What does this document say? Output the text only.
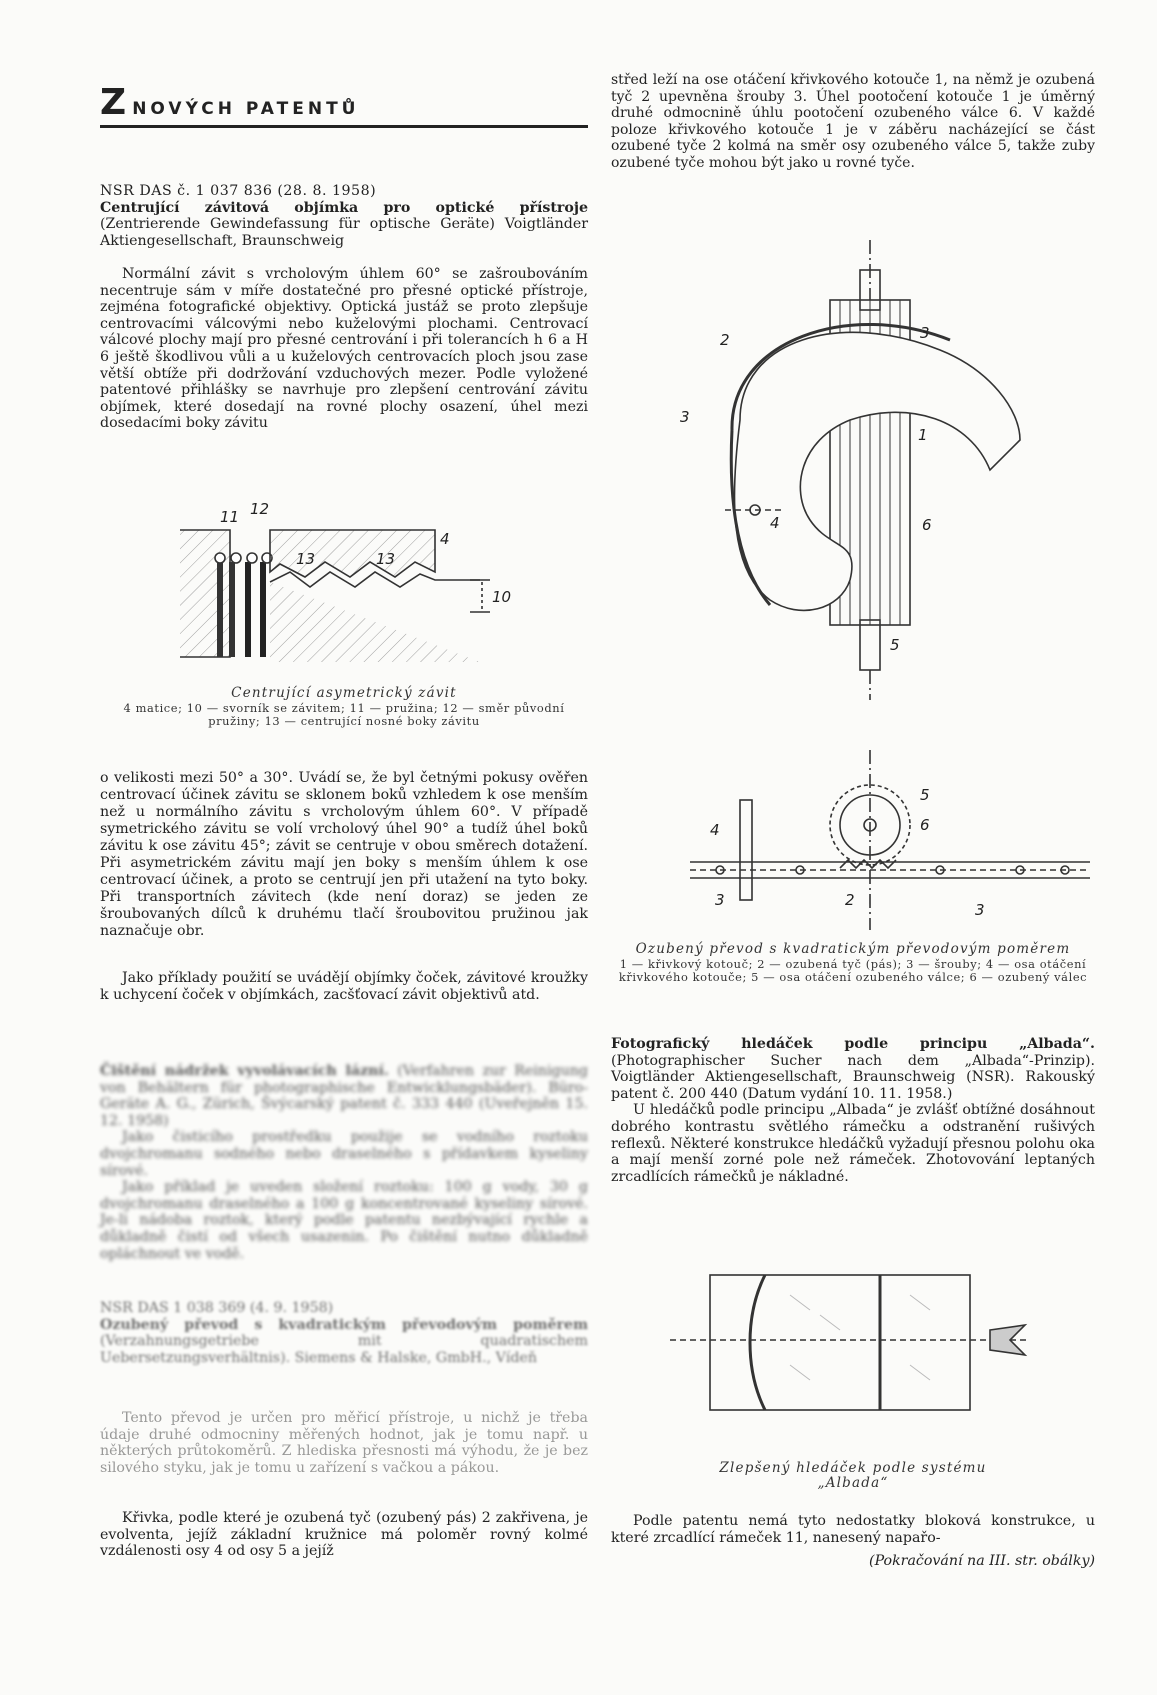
Z NOVÝCH PATENTŮ

NSR DAS č. 1 037 836 (28. 8. 1958)

Centrující závitová objímka pro optické přístroje (Zentrierende Gewindefassung für optische Geräte) Voigtländer Aktiengesellschaft, Braunschweig

Normální závit s vrcholovým úhlem 60° se zašroubováním necentruje sám v míře dostatečné pro přesné optické přístroje, zejména fotografické objektivy. Optická justáž se proto zlepšuje centrovacími válcovými nebo kuželovými plochami. Centrovací válcové plochy mají pro přesné centrování i při tolerancích h 6 a H 6 ještě škodlivou vůli a u kuželových centrovacích ploch jsou zase větší obtíže při dodržování vzduchových mezer. Podle vyložené patentové přihlášky se navrhuje pro zlepšení centrování závitu objímek, které dosedají na rovné plochy osazení, úhel mezi dosedacími boky závitu
11 12
4
13	13
10
Centrující asymetrický závit
4 matice; 10 — svorník se závitem; 11 — pružina; 12 — směr původní pružiny; 13 — centrující nosné boky závitu
o velikosti mezi 50° a 30°. Uvádí se, že byl četnými pokusy ověřen centrovací účinek závitu se sklonem boků vzhledem k ose menším než u normálního závitu s vrcholovým úhlem 60°. V případě symetrického závitu se volí vrcholový úhel 90° a tudíž úhel boků závitu k ose závitu 45°; závit se centruje v obou směrech dotažení. Při asymetrickém závitu mají jen boky s menším úhlem k ose centrovací účinek, a proto se centrují jen při utažení na tyto boky. Při transportních závitech (kde není doraz) se jeden ze šroubovaných dílců k druhému tlačí šroubovitou pružinou jak naznačuje obr.
Jako příklady použití se uvádějí objímky čoček, závitové kroužky k uchycení čoček v objímkách, zacšťovací závit objektivů atd.

Čištění nádržek vyvolávacích lázní. (Verfahren zur Reinigung von Behältern für photographische Entwicklungsbäder). Büro-Geräte A. G., Zürich, Švýcarský patent č. 333 440 (Uveřejněn 15. 12. 1958)

Jako čisticího prostředku použije se vodního roztoku dvojchromanu sodného nebo draselného s přídavkem kyseliny sírové.

Jako příklad je uveden složení roztoku: 100 g vody, 30 g dvojchromanu draselného a 100 g koncentrované kyseliny sírové. Je-li nádoba roztok, který podle patentu nezbývající rychle a důkladně čistí od všech usazenin. Po čištění nutno důkladně opláchnout ve vodě.

NSR DAS 1 038 369 (4. 9. 1958)

Ozubený převod s kvadratickým převodovým poměrem (Verzahnungsgetriebe mit quadratischem Uebersetzungsverhältnis). Siemens & Halske, GmbH., Vídeň

Tento převod je určen pro měřicí přístroje, u nichž je třeba údaje druhé odmocniny měřených hodnot, jak je tomu např. u některých průtokoměrů. Z hlediska přesnosti má výhodu, že je bez silového styku, jak je tomu u zařízení s vačkou a pákou.
Křivka, podle které je ozubená tyč (ozubený pás) 2 zakřivena, je evolventa, jejíž základní kružnice má poloměr rovný kolmé vzdálenosti osy 4 od osy 5 a jejíž
střed leží na ose otáčení křivkového kotouče 1, na němž je ozubená tyč 2 upevněna šrouby 3. Úhel pootočení kotouče 1 je úměrný druhé odmocnině úhlu pootočení ozubeného válce 6. V každé poloze křivkového kotouče 1 je v záběru nacházející se část ozubené tyče 2 kolmá na směr osy ozubeného válce 5, takže zuby ozubené tyče mohou být jako u rovné tyče.
2	3
3
1
6
4
5
5
4	6
3	2
3
Ozubený převod s kvadratickým převodovým poměrem
1 — křivkový kotouč; 2 — ozubená tyč (pás); 3 — šrouby; 4 — osa otáčení křivkového kotouče; 5 — osa otáčení ozubeného válce; 6 — ozubený válec

Fotografický hledáček podle principu „Albada“. (Photographischer Sucher nach dem „Albada“-Prinzip). Voigtländer Aktiengesellschaft, Braunschweig (NSR). Rakouský patent č. 200 440 (Datum vydání 10. 11. 1958.)

U hledáčků podle principu „Albada“ je zvlášť obtížné dosáhnout dobrého kontrastu světlého rámečku a odstranění rušivých reflexů. Některé konstrukce hledáčků vyžadují přesnou polohu oka a mají menší zorné pole než rámeček. Zhotovování leptaných zrcadlících rámečků je nákladné.

Zlepšený hledáček podle systému
„Albada“
Podle patentu nemá tyto nedostatky bloková konstrukce, u které zrcadlící rámeček 11, nanesený napařo-
(Pokračování na III. str. obálky)
